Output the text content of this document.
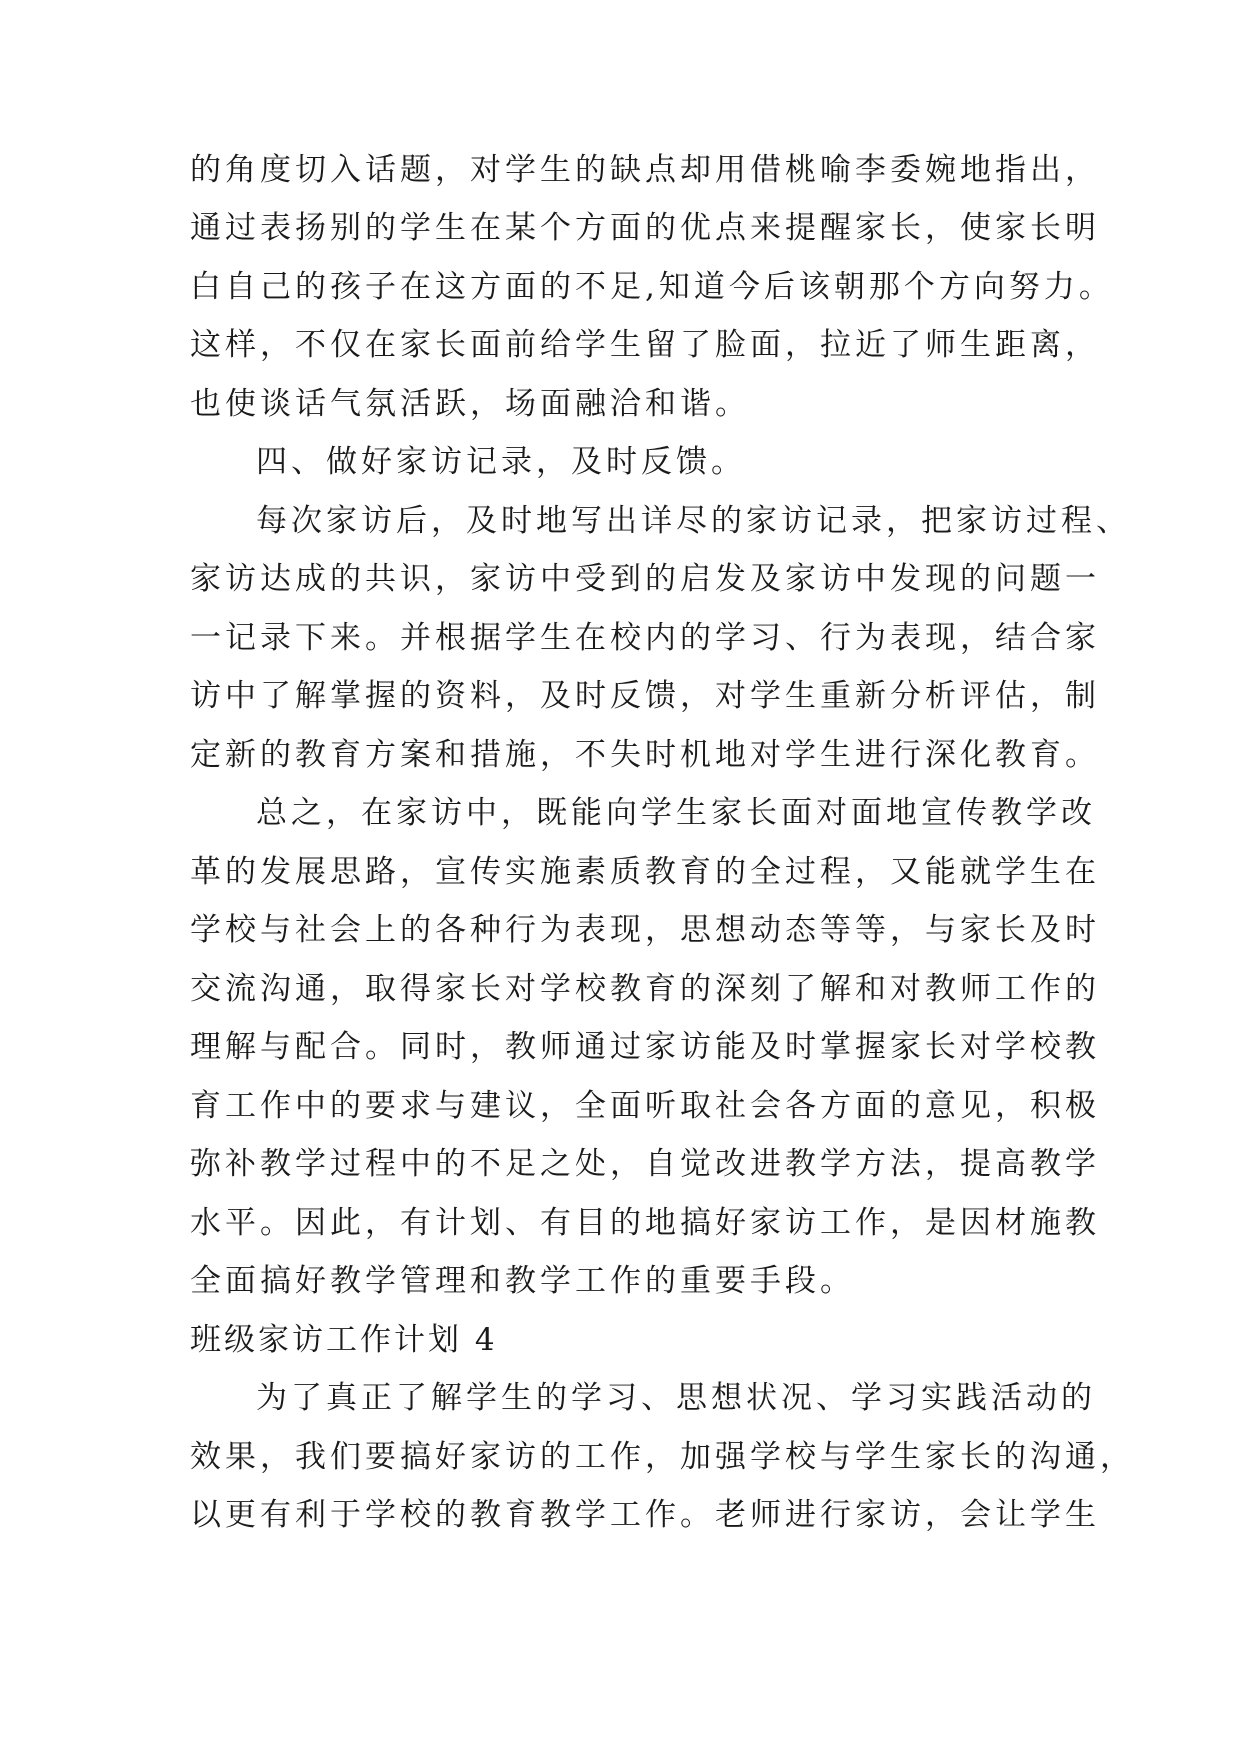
的角度切入话题，对学生的缺点却用借桃喻李委婉地指出，
通过表扬别的学生在某个方面的优点来提醒家长，使家长明
白自己的孩子在这方面的不足,知道今后该朝那个方向努力。
这样，不仅在家长面前给学生留了脸面，拉近了师生距离，
也使谈话气氛活跃，场面融洽和谐。
四、做好家访记录，及时反馈。
每次家访后，及时地写出详尽的家访记录，把家访过程、
家访达成的共识，家访中受到的启发及家访中发现的问题一
一记录下来。并根据学生在校内的学习、行为表现，结合家
访中了解掌握的资料，及时反馈，对学生重新分析评估，制
定新的教育方案和措施，不失时机地对学生进行深化教育。
总之，在家访中，既能向学生家长面对面地宣传教学改
革的发展思路，宣传实施素质教育的全过程，又能就学生在
学校与社会上的各种行为表现，思想动态等等，与家长及时
交流沟通，取得家长对学校教育的深刻了解和对教师工作的
理解与配合。同时，教师通过家访能及时掌握家长对学校教
育工作中的要求与建议，全面听取社会各方面的意见，积极
弥补教学过程中的不足之处，自觉改进教学方法，提高教学
水平。因此，有计划、有目的地搞好家访工作，是因材施教
全面搞好教学管理和教学工作的重要手段。
班级家访工作计划 4
为了真正了解学生的学习、思想状况、学习实践活动的
效果，我们要搞好家访的工作，加强学校与学生家长的沟通，
以更有利于学校的教育教学工作。老师进行家访，会让学生
